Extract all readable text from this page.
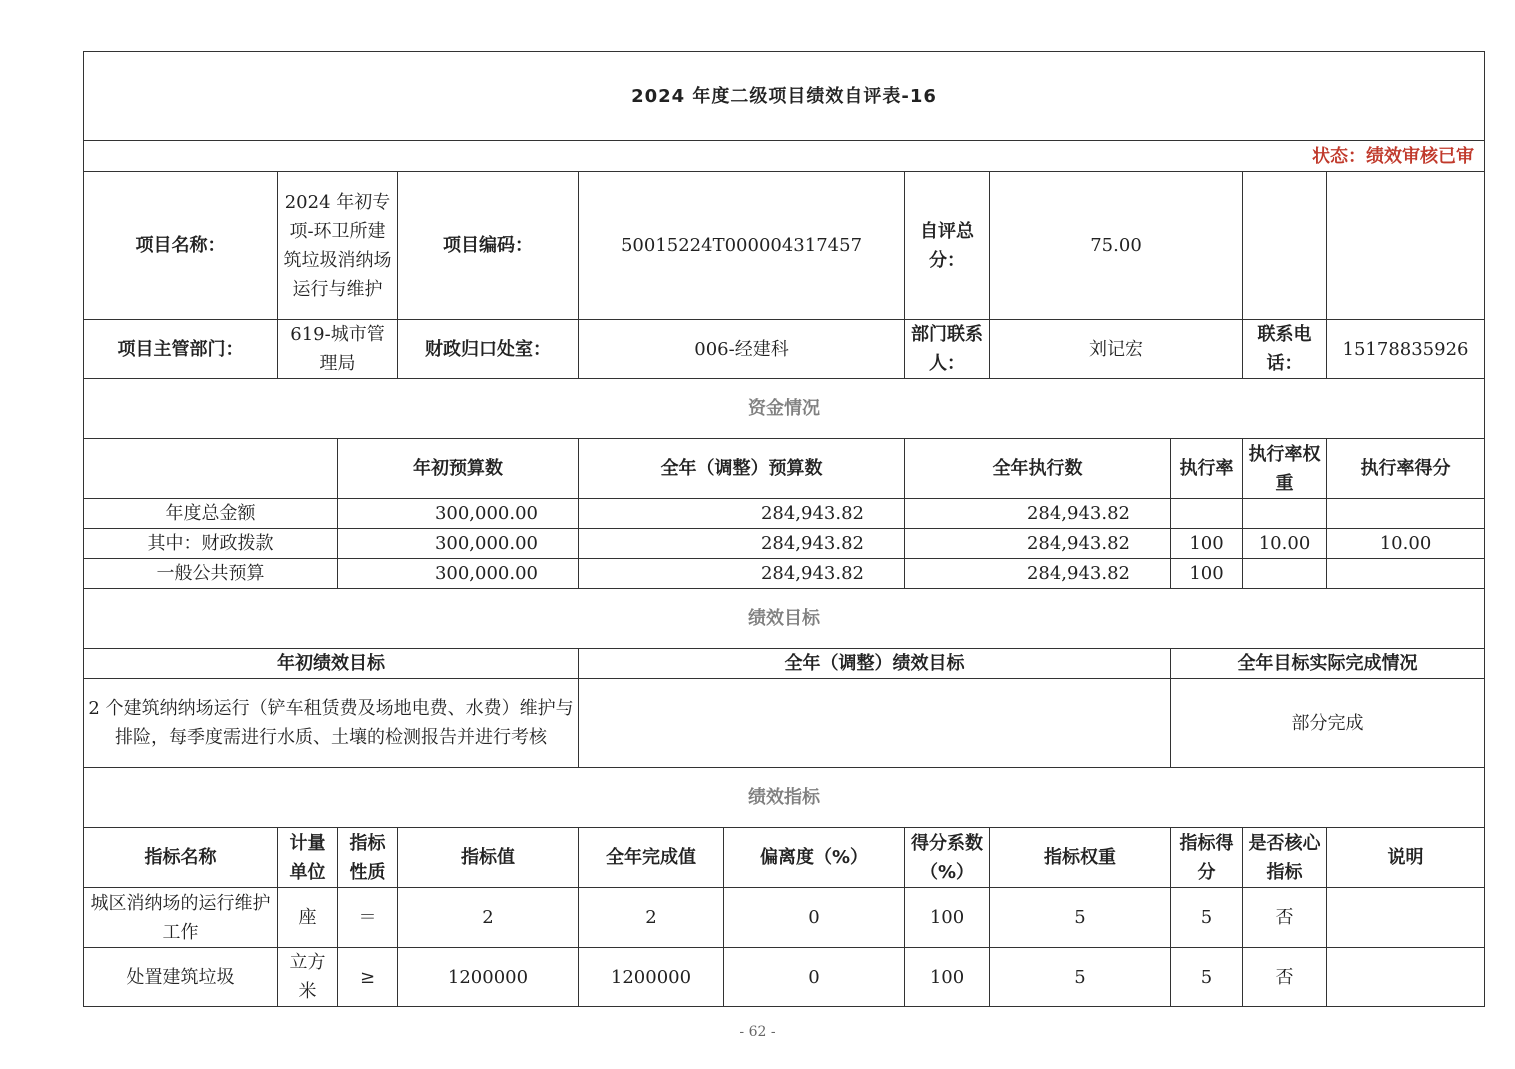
2024 年度二级项目绩效自评表-16										
状态：绩效审核已审										
项目名称：	2024 年初专项-环卫所建筑垃圾消纳场运行与维护		项目编码：	50015224T000004317457		自评总分：	75.00			
项目主管部门：	619-城市管理局		财政归口处室：	006-经建科		部门联系人：	刘记宏		联系电话：	15178835926
资金情况										
		年初预算数		全年（调整）预算数		全年执行数		执行率	执行率权重	执行率得分
年度总金额		300,000.00		284,943.82		284,943.82				
其中：财政拨款		300,000.00		284,943.82		284,943.82		100	10.00	10.00
一般公共预算		300,000.00		284,943.82		284,943.82		100		
绩效目标										
年初绩效目标				全年（调整）绩效目标				全年目标实际完成情况		
2 个建筑纳纳场运行（铲车租赁费及场地电费、水费）维护与排险，每季度需进行水质、土壤的检测报告并进行考核								部分完成		
绩效指标										
指标名称	计量单位	指标性质	指标值	全年完成值	偏离度（%）	得分系数（%）	指标权重	指标得分	是否核心指标	说明
城区消纳场的运行维护工作	座	＝	2	2	0	100	5	5	否	
处置建筑垃圾	立方米	≥	1200000	1200000	0	100	5	5	否	
- 62 -
